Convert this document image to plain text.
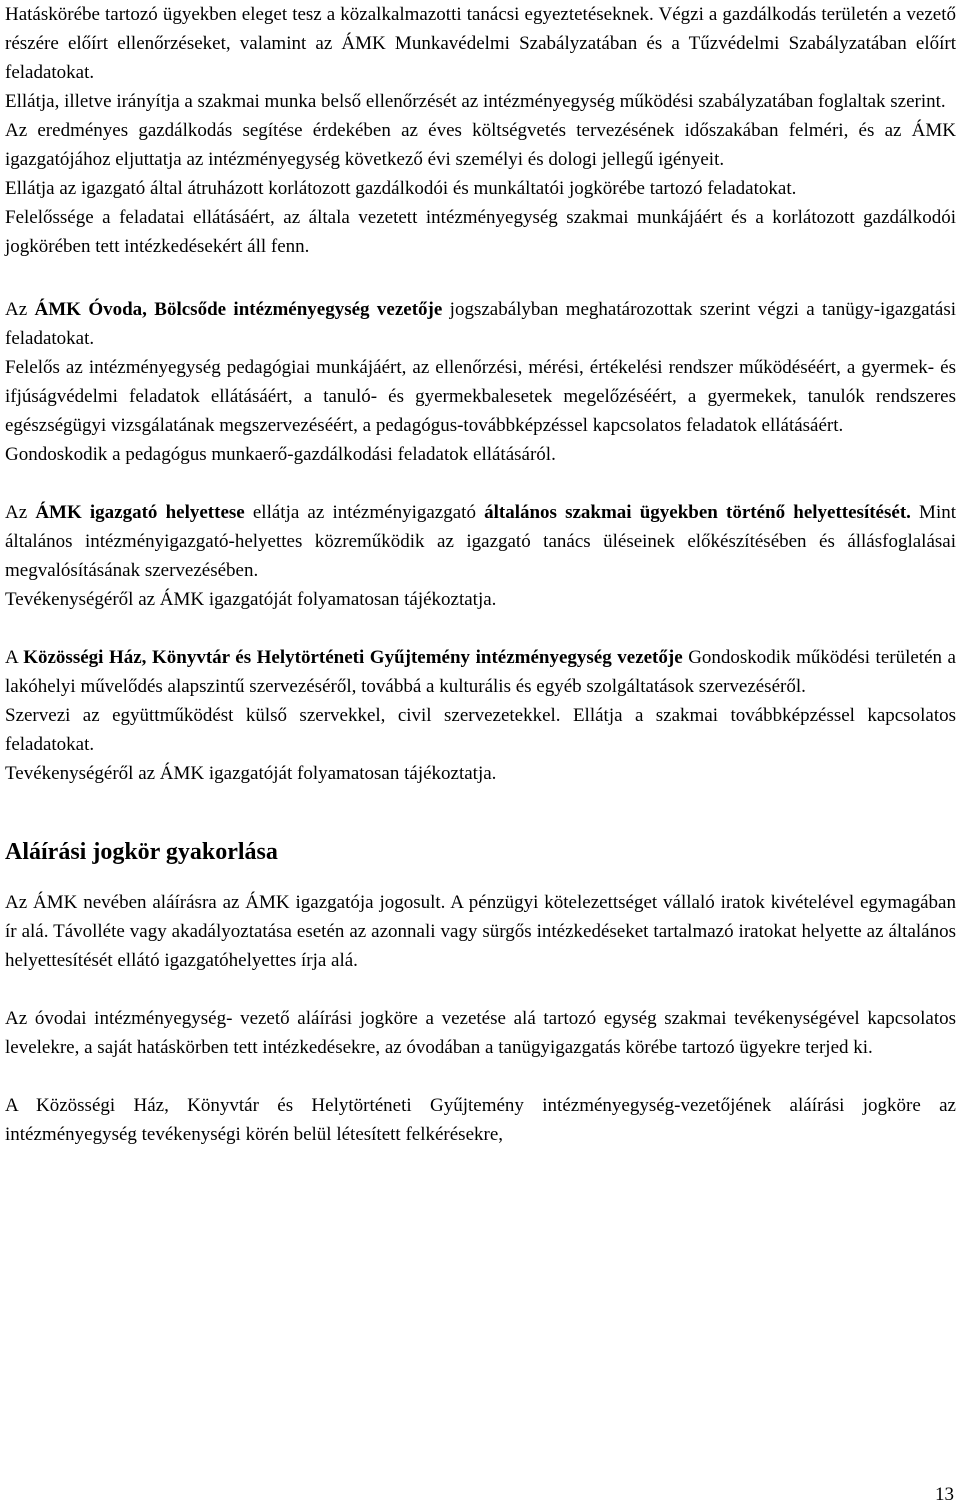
Hatáskörébe tartozó ügyekben eleget tesz a közalkalmazotti tanácsi egyeztetéseknek. Végzi a gazdálkodás területén a vezető részére előírt ellenőrzéseket, valamint az ÁMK Munkavédelmi Szabályzatában és a Tűzvédelmi Szabályzatában előírt feladatokat.

Ellátja, illetve irányítja a szakmai munka belső ellenőrzését az intézményegység működési szabályzatában foglaltak szerint.

Az eredményes gazdálkodás segítése érdekében az éves költségvetés tervezésének időszakában felméri, és az ÁMK igazgatójához eljuttatja az intézményegység következő évi személyi és dologi jellegű igényeit.

Ellátja az igazgató által átruházott korlátozott gazdálkodói és munkáltatói jogkörébe tartozó feladatokat.

Felelőssége a feladatai ellátásáért, az általa vezetett intézményegység szakmai munkájáért és a korlátozott gazdálkodói jogkörében tett intézkedésekért áll fenn.

Az ÁMK Óvoda, Bölcsőde intézményegység vezetője jogszabályban meghatározottak szerint végzi a tanügy-igazgatási feladatokat.

Felelős az intézményegység pedagógiai munkájáért, az ellenőrzési, mérési, értékelési rendszer működéséért, a gyermek- és ifjúságvédelmi feladatok ellátásáért, a tanuló- és gyermekbalesetek megelőzéséért, a gyermekek, tanulók rendszeres egészségügyi vizsgálatának megszervezéséért, a pedagógus-továbbképzéssel kapcsolatos feladatok ellátásáért.

Gondoskodik a pedagógus munkaerő-gazdálkodási feladatok ellátásáról.

Az ÁMK igazgató helyettese ellátja az intézményigazgató általános szakmai ügyekben történő helyettesítését. Mint általános intézményigazgató-helyettes közreműködik az igazgató tanács üléseinek előkészítésében és állásfoglalásai megvalósításának szervezésében.

Tevékenységéről az ÁMK igazgatóját folyamatosan tájékoztatja.

A Közösségi Ház, Könyvtár és Helytörténeti Gyűjtemény intézményegység vezetője Gondoskodik működési területén a lakóhelyi művelődés alapszintű szervezéséről, továbbá a kulturális és egyéb szolgáltatások szervezéséről.

Szervezi az együttműködést külső szervekkel, civil szervezetekkel. Ellátja a szakmai továbbképzéssel kapcsolatos feladatokat.

Tevékenységéről az ÁMK igazgatóját folyamatosan tájékoztatja.

Aláírási jogkör gyakorlása

Az ÁMK nevében aláírásra az ÁMK igazgatója jogosult. A pénzügyi kötelezettséget vállaló iratok kivételével egymagában ír alá. Távolléte vagy akadályoztatása esetén az azonnali vagy sürgős intézkedéseket tartalmazó iratokat helyette az általános helyettesítését ellátó igazgatóhelyettes írja alá.

Az óvodai intézményegység- vezető aláírási jogköre a vezetése alá tartozó egység szakmai tevékenységével kapcsolatos levelekre, a saját hatáskörben tett intézkedésekre, az óvodában a tanügyigazgatás körébe tartozó ügyekre terjed ki.

A Közösségi Ház, Könyvtár és Helytörténeti Gyűjtemény intézményegység-vezetőjének aláírási jogköre az intézményegység tevékenységi körén belül létesített felkérésekre,

13
